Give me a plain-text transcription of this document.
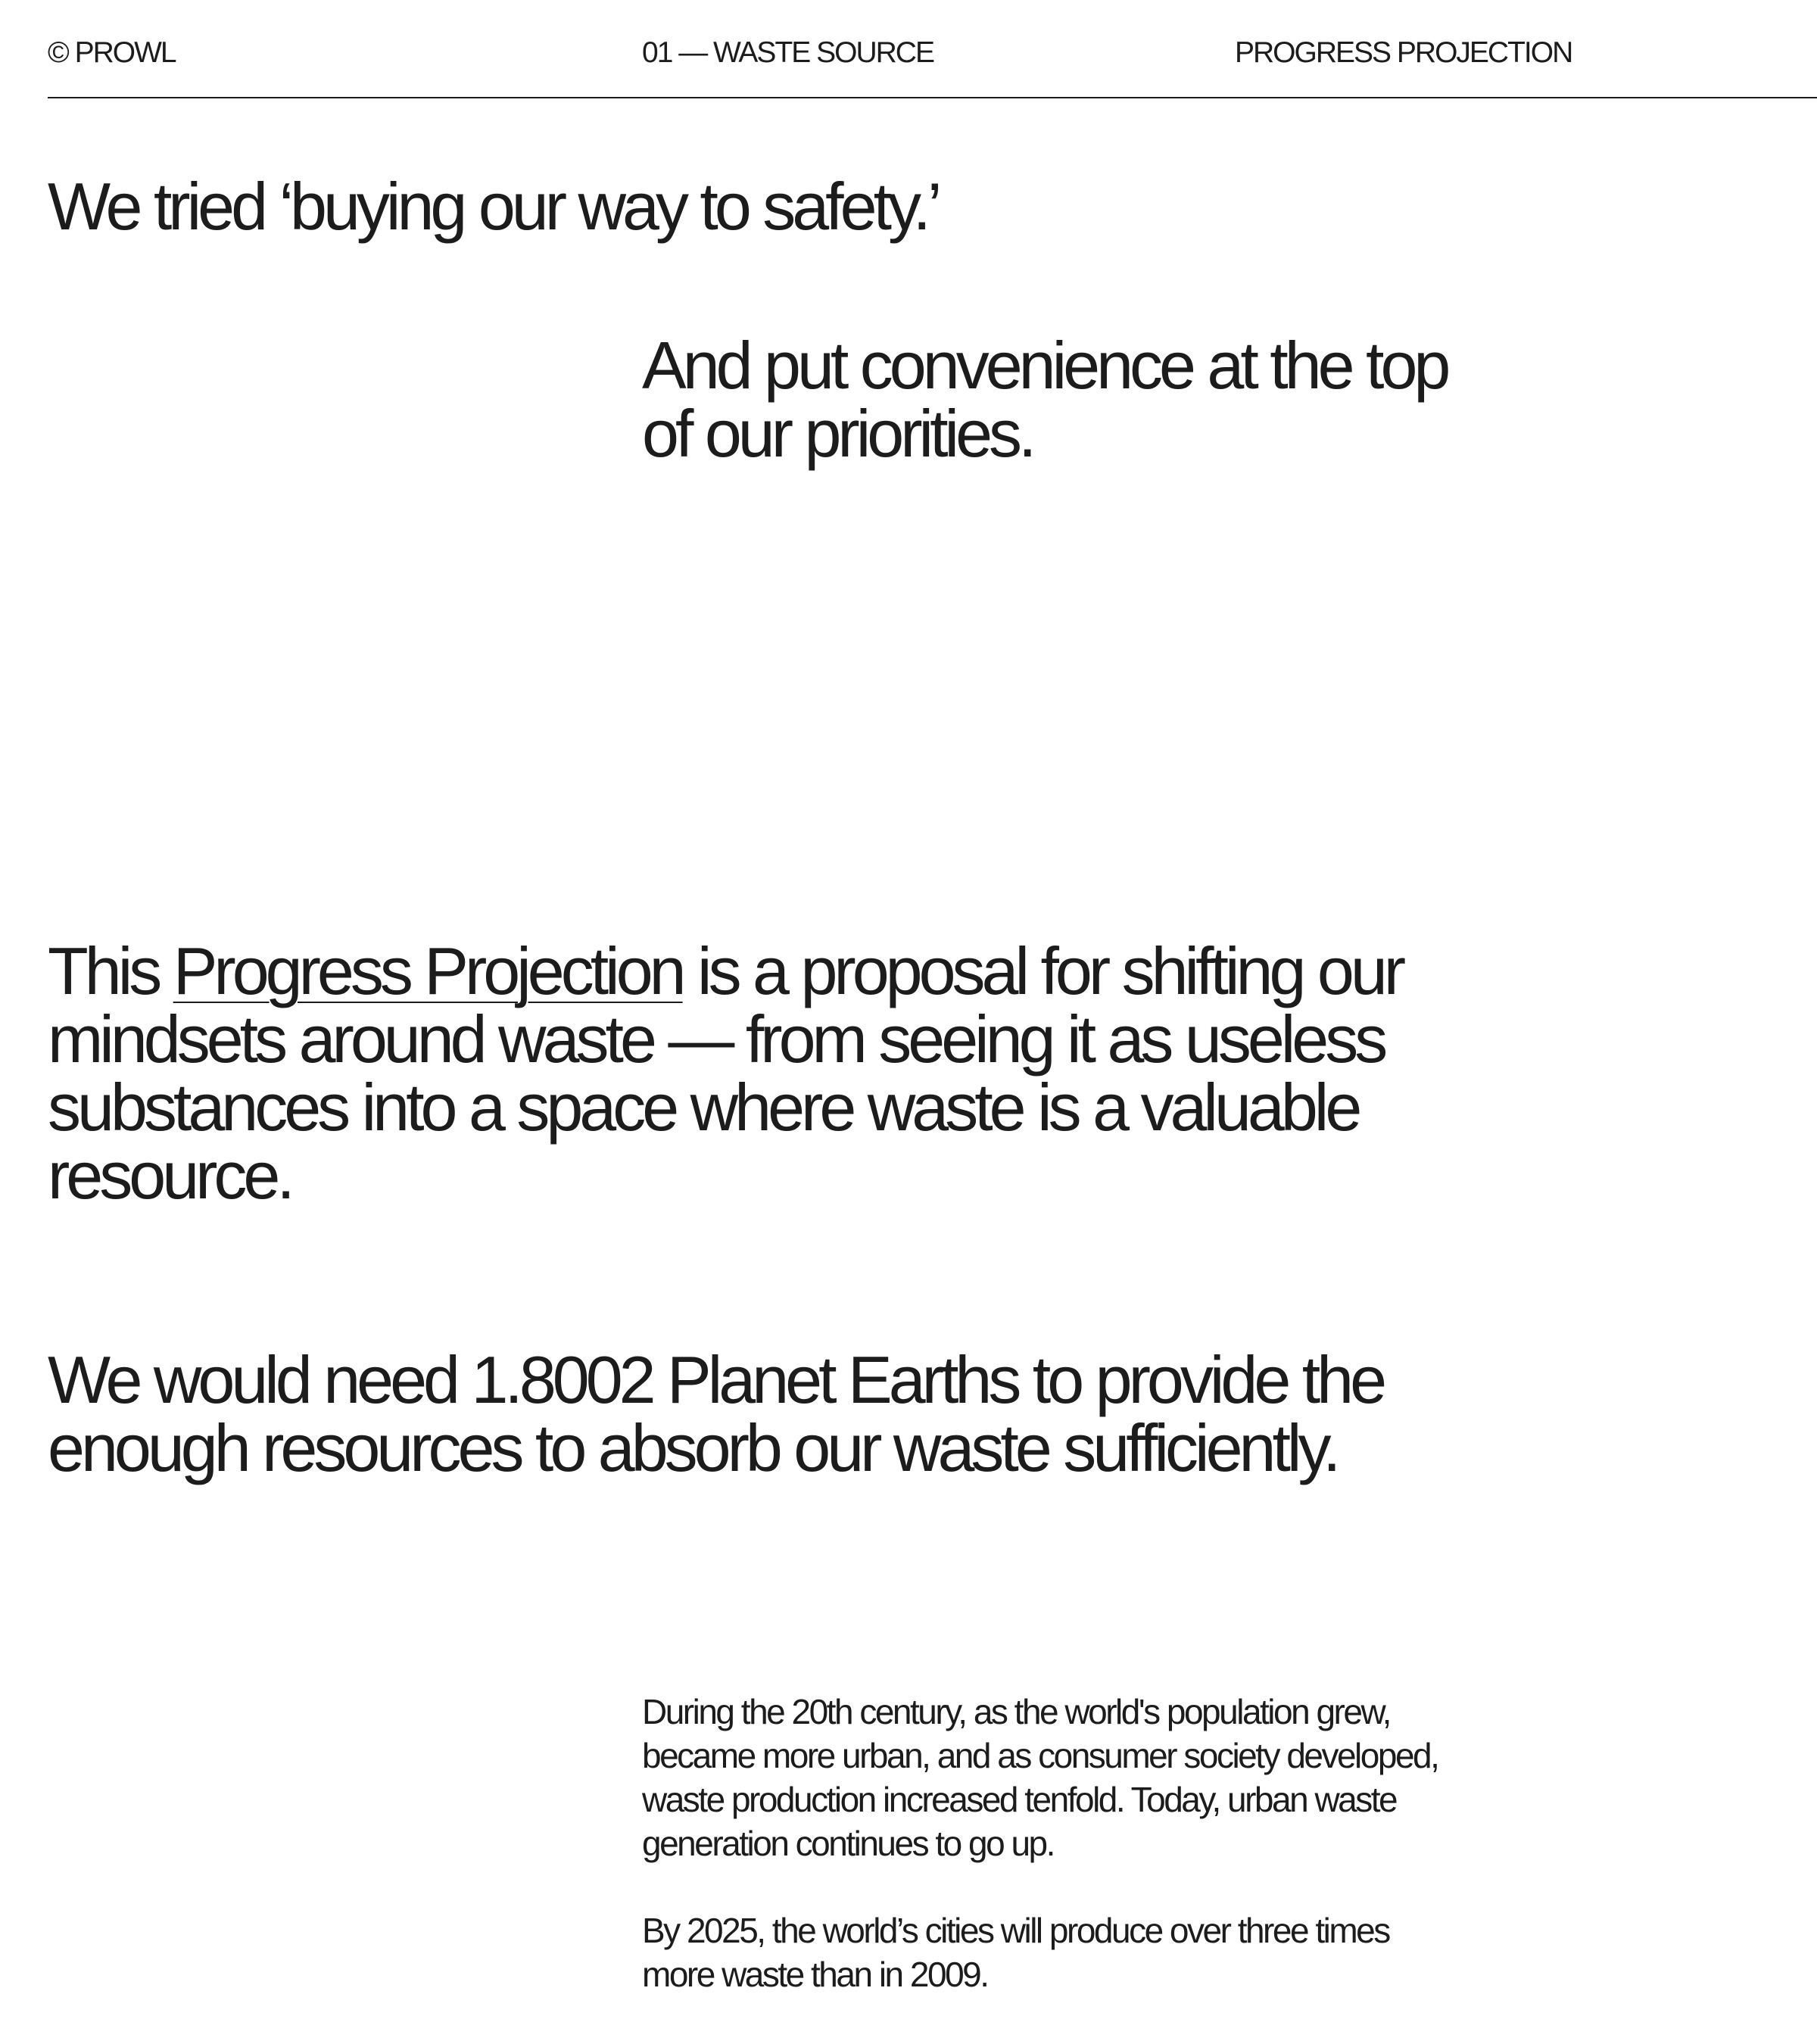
© PROWL	01 — WASTE SOURCE	PROGRESS PROJECTION
We tried ‘buying our way to safety.’
And put convenience at the top
of our priorities.
This Progress Projection is a proposal for shifting our
mindsets around waste — from seeing it as useless
substances into a space where waste is a valuable
resource.
We would need 1.8002 Planet Earths to provide the
enough resources to absorb our waste sufficiently.

During the 20th century, as the world's population grew,
became more urban, and as consumer society developed,
waste production increased tenfold. Today, urban waste
generation continues to go up.

By 2025, the world’s cities will produce over three times
more waste than in 2009.
